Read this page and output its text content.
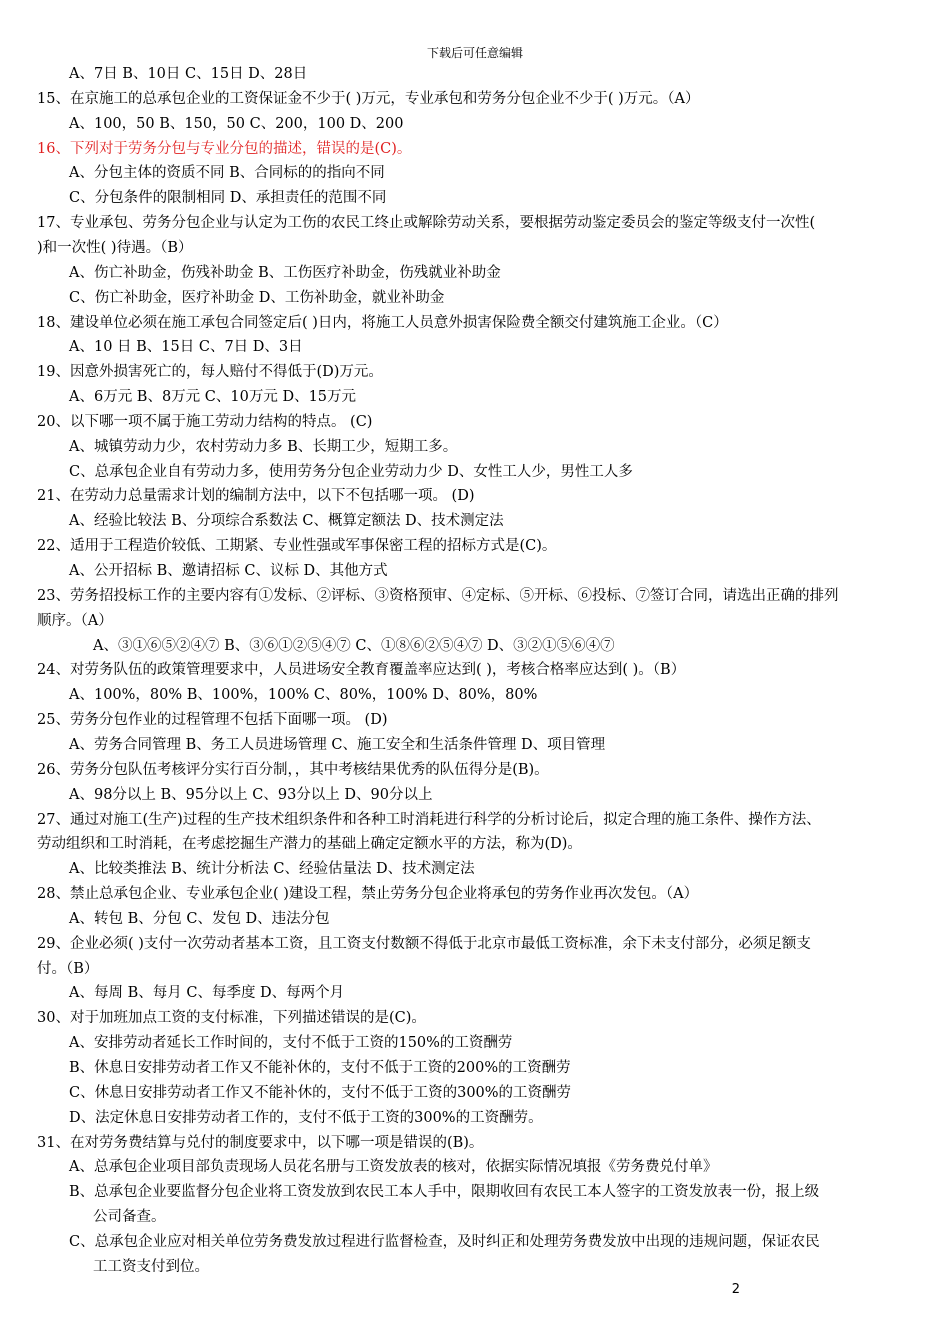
下载后可任意编辑
A、7日 B、10日 C、15日 D、28日
15、在京施工的总承包企业的工资保证金不少于( )万元，专业承包和劳务分包企业不少于( )万元。（A）
A、100，50 B、150，50 C、200，100 D、200
16、下列对于劳务分包与专业分包的描述，错误的是(C)。
A、分包主体的资质不同 B、合同标的的指向不同
C、分包条件的限制相同 D、承担责任的范围不同
17、专业承包、劳务分包企业与认定为工伤的农民工终止或解除劳动关系，要根据劳动鉴定委员会的鉴定等级支付一次性(
)和一次性( )待遇。（B）
A、伤亡补助金，伤残补助金 B、工伤医疗补助金，伤残就业补助金
C、伤亡补助金，医疗补助金 D、工伤补助金，就业补助金
18、建设单位必须在施工承包合同签定后( )日内，将施工人员意外损害保险费全额交付建筑施工企业。（C）
A、10 日 B、15日 C、7日 D、3日
19、因意外损害死亡的，每人赔付不得低于(D)万元。
A、6万元 B、8万元 C、10万元 D、15万元
20、以下哪一项不属于施工劳动力结构的特点。 (C)
A、城镇劳动力少，农村劳动力多 B、长期工少，短期工多。
C、总承包企业自有劳动力多，使用劳务分包企业劳动力少 D、女性工人少，男性工人多
21、在劳动力总量需求计划的编制方法中，以下不包括哪一项。 (D)
A、经验比较法 B、分项综合系数法 C、概算定额法 D、技术测定法
22、适用于工程造价较低、工期紧、专业性强或军事保密工程的招标方式是(C)。
A、公开招标 B、邀请招标 C、议标 D、其他方式
23、劳务招投标工作的主要内容有①发标、②评标、③资格预审、④定标、⑤开标、⑥投标、⑦签订合同，请选出正确的排列
顺序。（A）
A、③①⑥⑤②④⑦ B、③⑥①②⑤④⑦ C、①⑧⑥②⑤④⑦ D、③②①⑤⑥④⑦
24、对劳务队伍的政策管理要求中，人员进场安全教育覆盖率应达到( )，考核合格率应达到( )。（B）
A、100%，80% B、100%，100% C、80%，100% D、80%，80%
25、劳务分包作业的过程管理不包括下面哪一项。 (D)
A、劳务合同管理 B、务工人员进场管理 C、施工安全和生活条件管理 D、项目管理
26、劳务分包队伍考核评分实行百分制，，其中考核结果优秀的队伍得分是(B)。
A、98分以上 B、95分以上 C、93分以上 D、90分以上
27、通过对施工(生产)过程的生产技术组织条件和各种工时消耗进行科学的分析讨论后，拟定合理的施工条件、操作方法、
劳动组织和工时消耗，在考虑挖掘生产潜力的基础上确定定额水平的方法，称为(D)。
A、比较类推法 B、统计分析法 C、经验估量法 D、技术测定法
28、禁止总承包企业、专业承包企业( )建设工程，禁止劳务分包企业将承包的劳务作业再次发包。（A）
A、转包 B、分包 C、发包 D、违法分包
29、企业必须( )支付一次劳动者基本工资，且工资支付数额不得低于北京市最低工资标准，余下未支付部分，必须足额支
付。（B）
A、每周 B、每月 C、每季度 D、每两个月
30、对于加班加点工资的支付标准，下列描述错误的是(C)。
A、安排劳动者延长工作时间的，支付不低于工资的150%的工资酬劳
B、休息日安排劳动者工作又不能补休的，支付不低于工资的200%的工资酬劳
C、休息日安排劳动者工作又不能补休的，支付不低于工资的300%的工资酬劳
D、法定休息日安排劳动者工作的，支付不低于工资的300%的工资酬劳。
31、在对劳务费结算与兑付的制度要求中，以下哪一项是错误的(B)。
A、总承包企业项目部负责现场人员花名册与工资发放表的核对，依据实际情况填报《劳务费兑付单》
B、总承包企业要监督分包企业将工资发放到农民工本人手中，限期收回有农民工本人签字的工资发放表一份，报上级
公司备查。
C、总承包企业应对相关单位劳务费发放过程进行监督检查，及时纠正和处理劳务费发放中出现的违规问题，保证农民
工工资支付到位。
2
